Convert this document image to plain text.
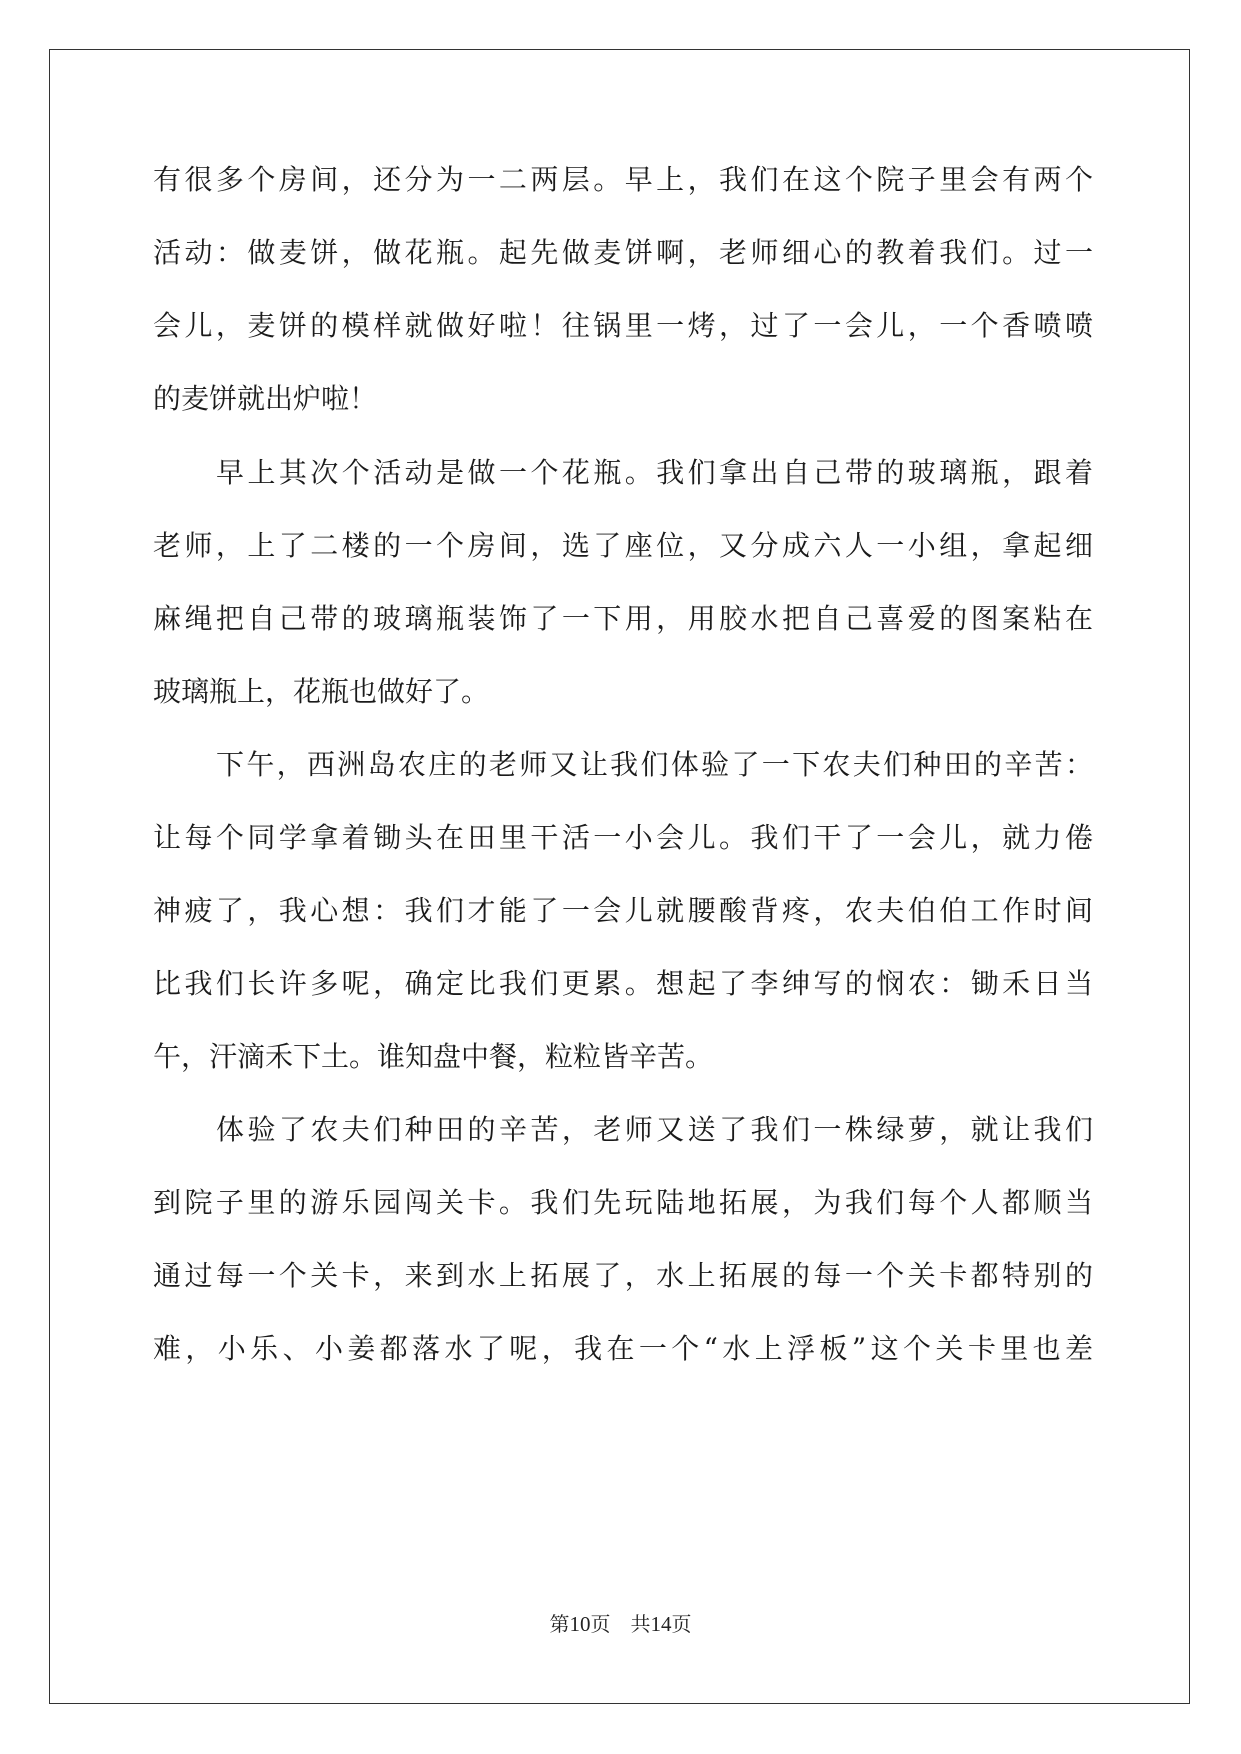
有很多个房间，还分为一二两层。早上，我们在这个院子里会有两个
活动：做麦饼，做花瓶。起先做麦饼啊，老师细心的教着我们。过一
会儿，麦饼的模样就做好啦！往锅里一烤，过了一会儿，一个香喷喷
的麦饼就出炉啦！
早上其次个活动是做一个花瓶。我们拿出自己带的玻璃瓶，跟着
老师，上了二楼的一个房间，选了座位，又分成六人一小组，拿起细
麻绳把自己带的玻璃瓶装饰了一下用，用胶水把自己喜爱的图案粘在
玻璃瓶上，花瓶也做好了。
下午，西洲岛农庄的老师又让我们体验了一下农夫们种田的辛苦：
让每个同学拿着锄头在田里干活一小会儿。我们干了一会儿，就力倦
神疲了，我心想：我们才能了一会儿就腰酸背疼，农夫伯伯工作时间
比我们长许多呢，确定比我们更累。想起了李绅写的悯农：锄禾日当
午，汗滴禾下土。谁知盘中餐，粒粒皆辛苦。
体验了农夫们种田的辛苦，老师又送了我们一株绿萝，就让我们
到院子里的游乐园闯关卡。我们先玩陆地拓展，为我们每个人都顺当
通过每一个关卡，来到水上拓展了，水上拓展的每一个关卡都特别的
难，小乐、小姜都落水了呢，我在一个“水上浮板”这个关卡里也差
第10页 共14页
